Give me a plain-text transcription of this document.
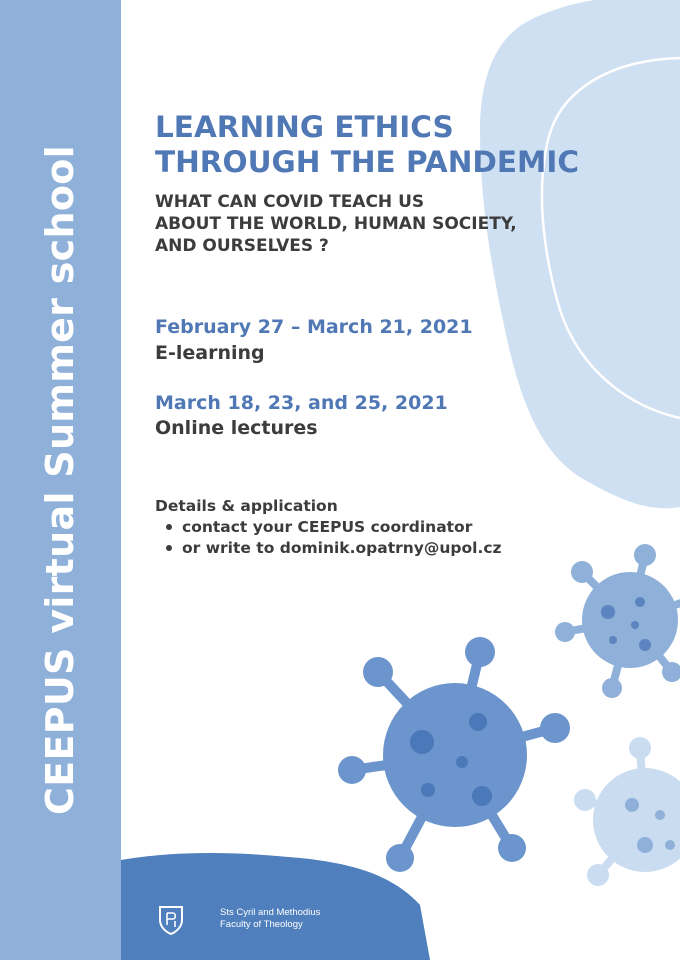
CEEPUS virtual Summer school
LEARNING ETHICS
THROUGH THE PANDEMIC
WHAT CAN COVID TEACH US
ABOUT THE WORLD, HUMAN SOCIETY,
AND OURSELVES ?
February 27 – March 21, 2021
E-learning
March 18, 23, and 25, 2021
Online lectures
Details & application
contact your CEEPUS coordinator
or write to dominik.opatrny@upol.cz
Sts Cyril and Methodius
Faculty of Theology
